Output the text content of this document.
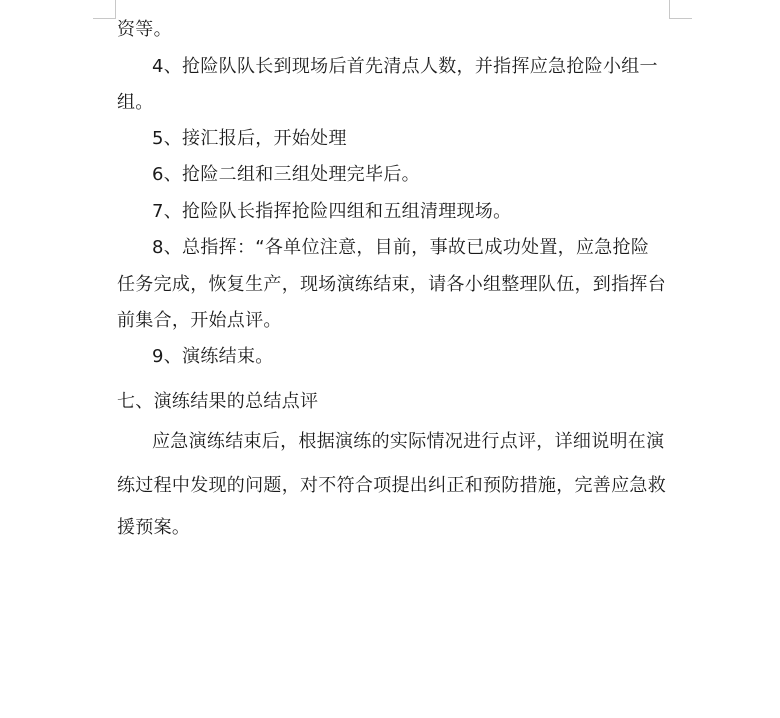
资等。
4、抢险队队长到现场后首先清点人数，并指挥应急抢险小组一
组。
5、接汇报后，开始处理
6、抢险二组和三组处理完毕后。
7、抢险队长指挥抢险四组和五组清理现场。
8、总指挥：“各单位注意，目前，事故已成功处置，应急抢险
任务完成，恢复生产，现场演练结束，请各小组整理队伍，到指挥台
前集合，开始点评。
9、演练结束。
七、演练结果的总结点评
应急演练结束后，根据演练的实际情况进行点评，详细说明在演
练过程中发现的问题，对不符合项提出纠正和预防措施，完善应急救
援预案。
